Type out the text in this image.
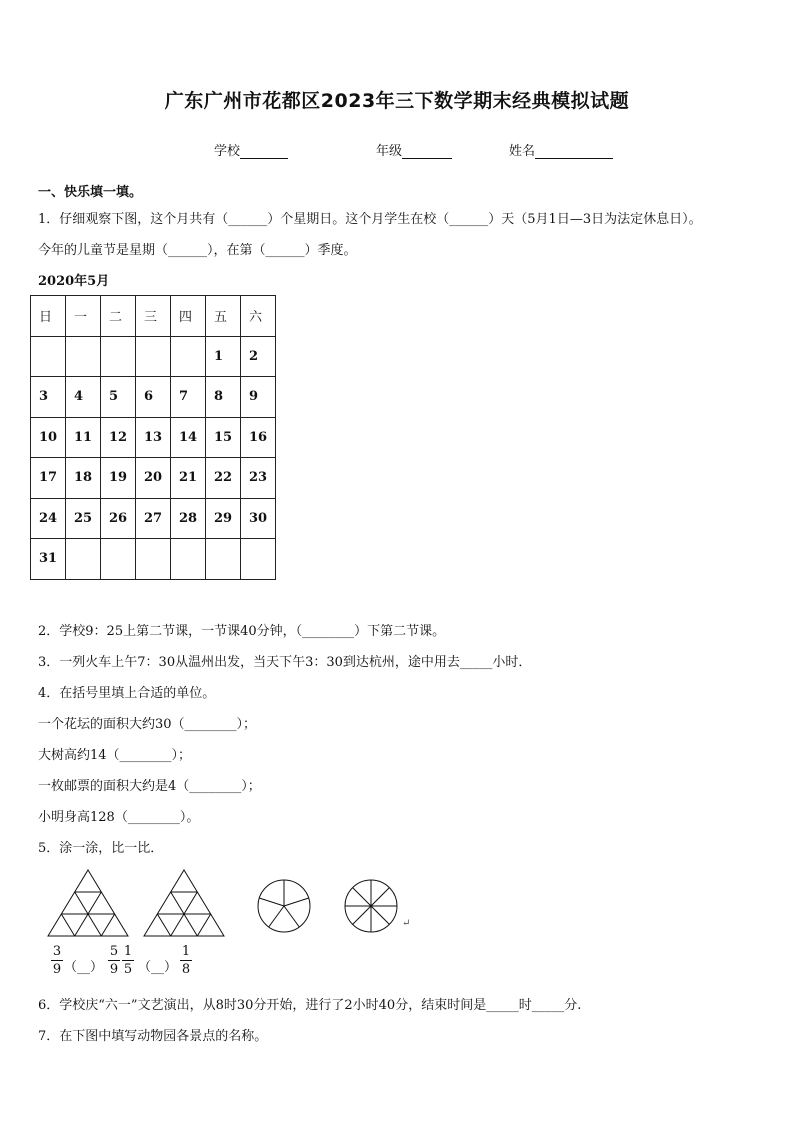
广东广州市花都区2023年三下数学期末经典模拟试题
学校	年级	姓名
一、快乐填一填。
1．仔细观察下图，这个月共有（______）个星期日。这个月学生在校（______）天（5月1日—3日为法定休息日）。
今年的儿童节是星期（______），在第（______）季度。
2020年5月
日	一	二	三	四	五	六
					1	2
3	4	5	6	7	8	9
10	11	12	13	14	15	16
17	18	19	20	21	22	23
24	25	26	27	28	29	30
31						
2．学校9：25上第二节课，一节课40分钟，（________）下第二节课。
3．一列火车上午7：30从温州出发，当天下午3：30到达杭州，途中用去_____小时．
4．在括号里填上合适的单位。
一个花坛的面积大约30（________）；
大树高约14（________）；
一枚邮票的面积大约是4（________）；
小明身高128（________）。
5．涂一涂，比一比．
↵
3
9 （__）
5
9
1
5 （__）
1
8
6．学校庆“六一”文艺演出，从8时30分开始，进行了2小时40分，结束时间是_____时_____分.
7．在下图中填写动物园各景点的名称。
